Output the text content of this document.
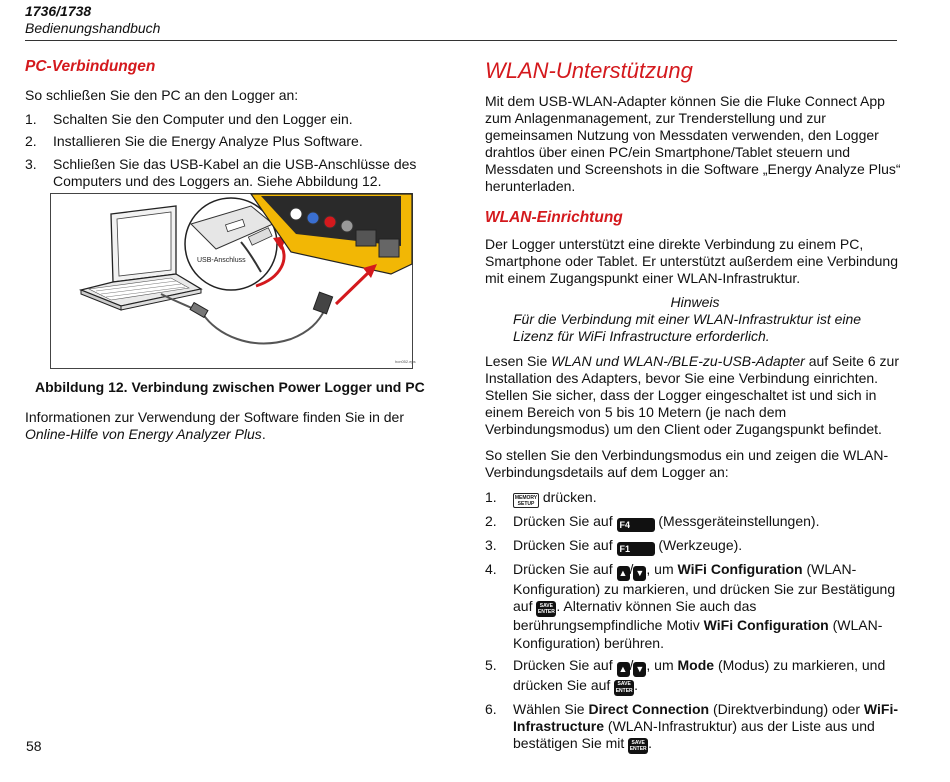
1736/1738
Bedienungshandbuch
PC-Verbindungen

So schließen Sie den PC an den Logger an:

1. Schalten Sie den Computer und den Logger ein.
2. Installieren Sie die Energy Analyze Plus Software.
3. Schließen Sie das USB-Kabel an die USB-Anschlüsse des Computers und des Loggers an. Siehe Abbildung 12.
USB-Anschluss
hcn052.eps
Abbildung 12. Verbindung zwischen Power Logger und PC

Informationen zur Verwendung der Software finden Sie in der Online-Hilfe von Energy Analyzer Plus.

WLAN-Unterstützung

Mit dem USB-WLAN-Adapter können Sie die Fluke Connect App zum Anlagenmanagement, zur Trenderstellung und zur gemeinsamen Nutzung von Messdaten verwenden, den Logger drahtlos über einen PC/ein Smartphone/Tablet steuern und Messdaten und Screenshots in die Software „Energy Analyze Plus“ herunterladen.

WLAN-Einrichtung

Der Logger unterstützt eine direkte Verbindung zu einem PC, Smartphone oder Tablet. Er unterstützt außerdem eine Verbindung mit einem Zugangspunkt einer WLAN-Infrastruktur.

Hinweis
Für die Verbindung mit einer WLAN-Infrastruktur ist eine Lizenz für WiFi Infrastructure erforderlich.

Lesen Sie WLAN und WLAN-/BLE-zu-USB-Adapter auf Seite 6 zur Installation des Adapters, bevor Sie eine Verbindung einrichten. Stellen Sie sicher, dass der Logger eingeschaltet ist und sich in einem Bereich von 5 bis 10 Metern (je nach dem Verbindungsmodus) um den Client oder Zugangspunkt befindet.

So stellen Sie den Verbindungsmodus ein und zeigen die WLAN-Verbindungsdetails auf dem Logger an:

1.	MEMORY
SETUP drücken.
2. Drücken Sie auf F4 (Messgeräteinstellungen).
3. Drücken Sie auf F1 (Werkzeuge).
4. Drücken Sie auf ▲ / ▼ , um WiFi Configuration (WLAN-Konfiguration) zu markieren, und drücken Sie zur Bestätigung auf SAVE
ENTER . Alternativ können Sie auch das berührungsempfindliche Motiv WiFi Configuration (WLAN-Konfiguration) berühren.
5. Drücken Sie auf ▲ / ▼ , um Mode (Modus) zu markieren, und drücken Sie auf SAVE
ENTER .
6. Wählen Sie Direct Connection (Direktverbindung) oder WiFi-Infrastructure (WLAN-Infrastruktur) aus der Liste aus und bestätigen Sie mit SAVE
ENTER .
58
